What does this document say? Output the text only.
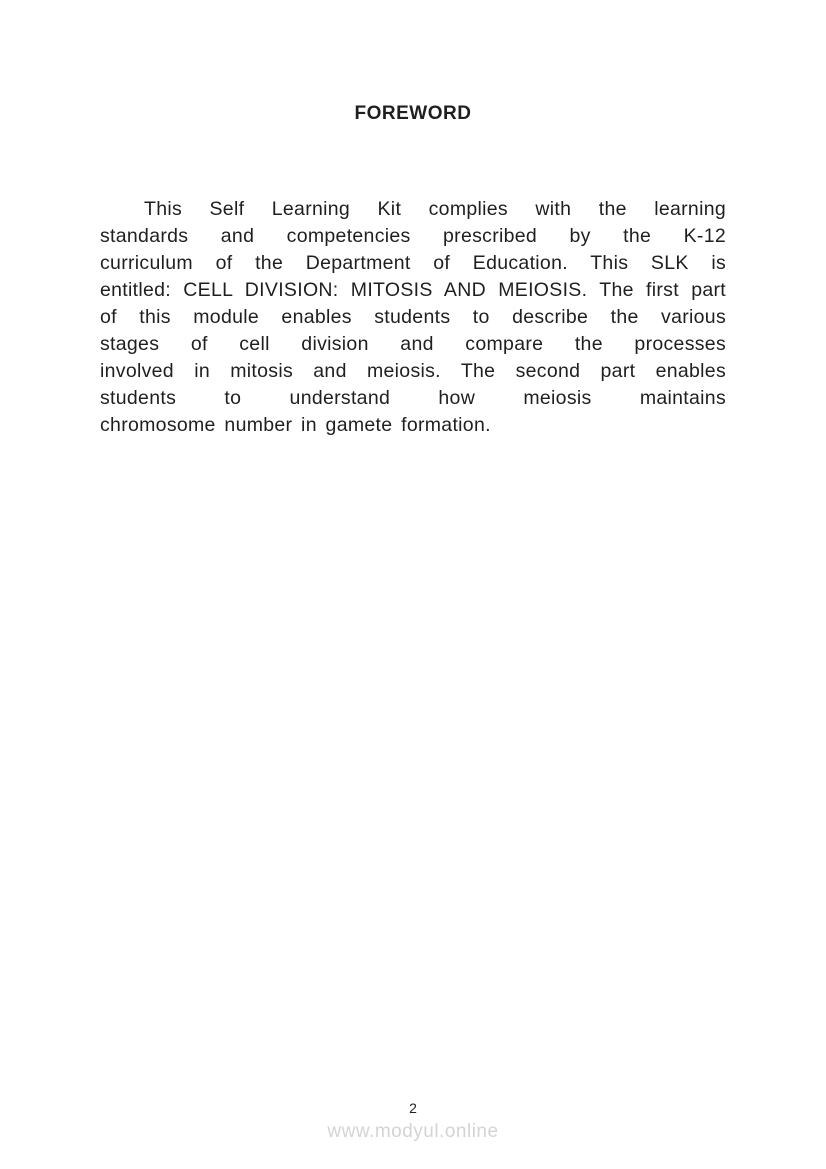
FOREWORD
This Self Learning Kit complies with the learning
standards and competencies prescribed by the K-12
curriculum of the Department of Education. This SLK is
entitled: CELL DIVISION: MITOSIS AND MEIOSIS. The first part
of this module enables students to describe the various
stages of cell division and compare the processes
involved in mitosis and meiosis. The second part enables
students to understand how meiosis maintains
chromosome number in gamete formation.
2
www.modyul.online
